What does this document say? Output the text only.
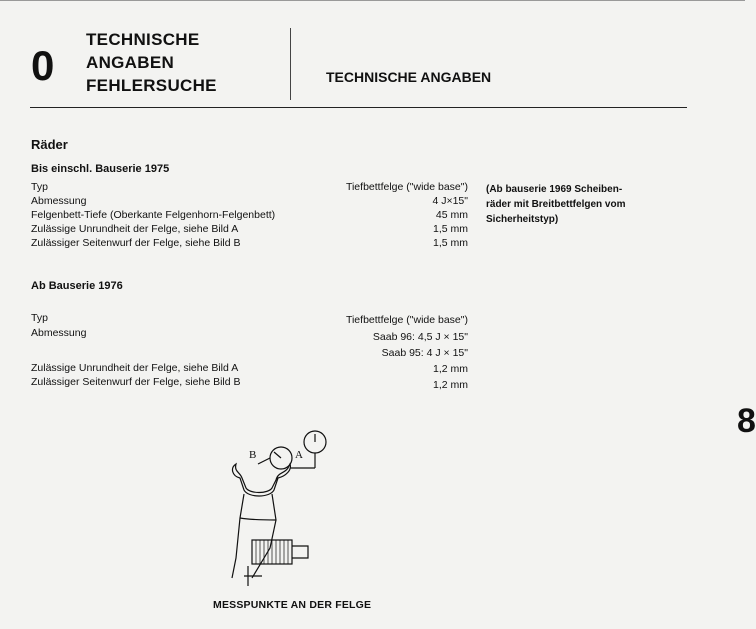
0
TECHNISCHE
ANGABEN
FEHLERSUCHE	TECHNISCHE ANGABEN
Räder
Bis einschl. Bauserie 1975
Typ
Abmessung
Felgenbett-Tiefe (Oberkante Felgenhorn-Felgenbett)
Zulässige Unrundheit der Felge, siehe Bild A
Zulässiger Seitenwurf der Felge, siehe Bild B
Tiefbettfelge ("wide base")
4 J×15"
45 mm
1,5 mm
1,5 mm
(Ab bauserie 1969 Scheiben-
räder mit Breitbettfelgen vom
Sicherheitstyp)
Ab Bauserie 1976
Typ
Abmessung
Zulässige Unrundheit der Felge, siehe Bild A
Zulässiger Seitenwurf der Felge, siehe Bild B
Tiefbettfelge ("wide base")
Saab 96: 4,5 J × 15"
Saab 95: 4 J × 15"
1,2 mm
1,2 mm
8
B	A
MESSPUNKTE AN DER FELGE
